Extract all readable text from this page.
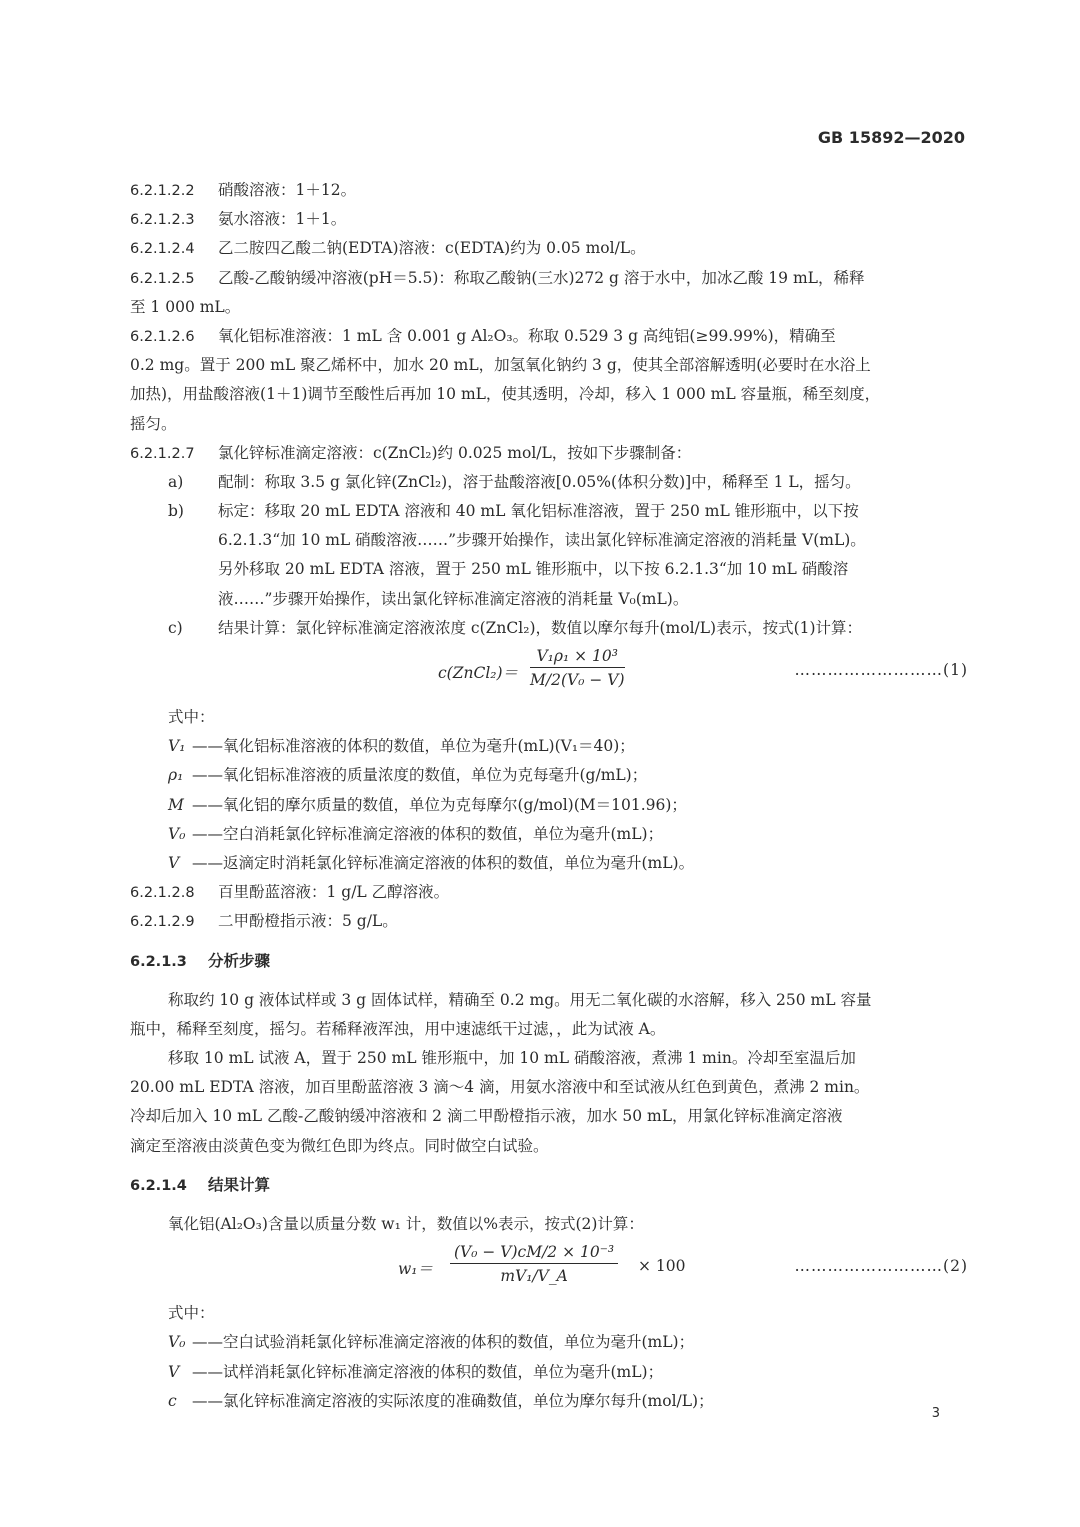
GB 15892—2020
6.2.1.2.2 硝酸溶液：1＋12。
6.2.1.2.3 氨水溶液：1＋1。
6.2.1.2.4 乙二胺四乙酸二钠(EDTA)溶液：c(EDTA)约为 0.05 mol/L。
6.2.1.2.5 乙酸-乙酸钠缓冲溶液(pH＝5.5)：称取乙酸钠(三水)272 g 溶于水中，加冰乙酸 19 mL，稀释
至 1 000 mL。
6.2.1.2.6 氧化铝标准溶液：1 mL 含 0.001 g Al₂O₃。称取 0.529 3 g 高纯铝(≥99.99%)，精确至
0.2 mg。置于 200 mL 聚乙烯杯中，加水 20 mL，加氢氧化钠约 3 g，使其全部溶解透明(必要时在水浴上
加热)，用盐酸溶液(1＋1)调节至酸性后再加 10 mL，使其透明，冷却，移入 1 000 mL 容量瓶，稀至刻度，
摇匀。
6.2.1.2.7 氯化锌标准滴定溶液：c(ZnCl₂)约 0.025 mol/L，按如下步骤制备：
a) 配制：称取 3.5 g 氯化锌(ZnCl₂)，溶于盐酸溶液[0.05%(体积分数)]中，稀释至 1 L，摇匀。
b) 标定：移取 20 mL EDTA 溶液和 40 mL 氧化铝标准溶液，置于 250 mL 锥形瓶中，以下按
6.2.1.3“加 10 mL 硝酸溶液……”步骤开始操作，读出氯化锌标准滴定溶液的消耗量 V(mL)。
另外移取 20 mL EDTA 溶液，置于 250 mL 锥形瓶中，以下按 6.2.1.3“加 10 mL 硝酸溶
液……”步骤开始操作，读出氯化锌标准滴定溶液的消耗量 V₀(mL)。
c) 结果计算：氯化锌标准滴定溶液浓度 c(ZnCl₂)，数值以摩尔每升(mol/L)表示，按式(1)计算：
c(ZnCl₂)＝ $\frac{\text{V₁ρ₁ × 10³}}{\text{M/2(V₀ − V)}}$	………………………(1)
式中：
V₁ ——氧化铝标准溶液的体积的数值，单位为毫升(mL)(V₁＝40)；
ρ₁ ——氧化铝标准溶液的质量浓度的数值，单位为克每毫升(g/mL)；
M ——氧化铝的摩尔质量的数值，单位为克每摩尔(g/mol)(M＝101.96)；
V₀ ——空白消耗氯化锌标准滴定溶液的体积的数值，单位为毫升(mL)；
V ——返滴定时消耗氯化锌标准滴定溶液的体积的数值，单位为毫升(mL)。
6.2.1.2.8 百里酚蓝溶液：1 g/L 乙醇溶液。
6.2.1.2.9 二甲酚橙指示液：5 g/L。
6.2.1.3 分析步骤
称取约 10 g 液体试样或 3 g 固体试样，精确至 0.2 mg。用无二氧化碳的水溶解，移入 250 mL 容量
瓶中，稀释至刻度，摇匀。若稀释液浑浊，用中速滤纸干过滤，，此为试液 A。
移取 10 mL 试液 A，置于 250 mL 锥形瓶中，加 10 mL 硝酸溶液，煮沸 1 min。冷却至室温后加
20.00 mL EDTA 溶液，加百里酚蓝溶液 3 滴～4 滴，用氨水溶液中和至试液从红色到黄色，煮沸 2 min。
冷却后加入 10 mL 乙酸-乙酸钠缓冲溶液和 2 滴二甲酚橙指示液，加水 50 mL，用氯化锌标准滴定溶液
滴定至溶液由淡黄色变为微红色即为终点。同时做空白试验。
6.2.1.4 结果计算
氧化铝(Al₂O₃)含量以质量分数 w₁ 计，数值以%表示，按式(2)计算：
$w_1= \frac{\text{(V₀ − V)cM/2 × 10⁻³}}{\text{mV₁/V\_A}} \times 100$	………………………(2)
式中：
V₀ ——空白试验消耗氯化锌标准滴定溶液的体积的数值，单位为毫升(mL)；
V ——试样消耗氯化锌标准滴定溶液的体积的数值，单位为毫升(mL)；
c ——氯化锌标准滴定溶液的实际浓度的准确数值，单位为摩尔每升(mol/L)；
3
